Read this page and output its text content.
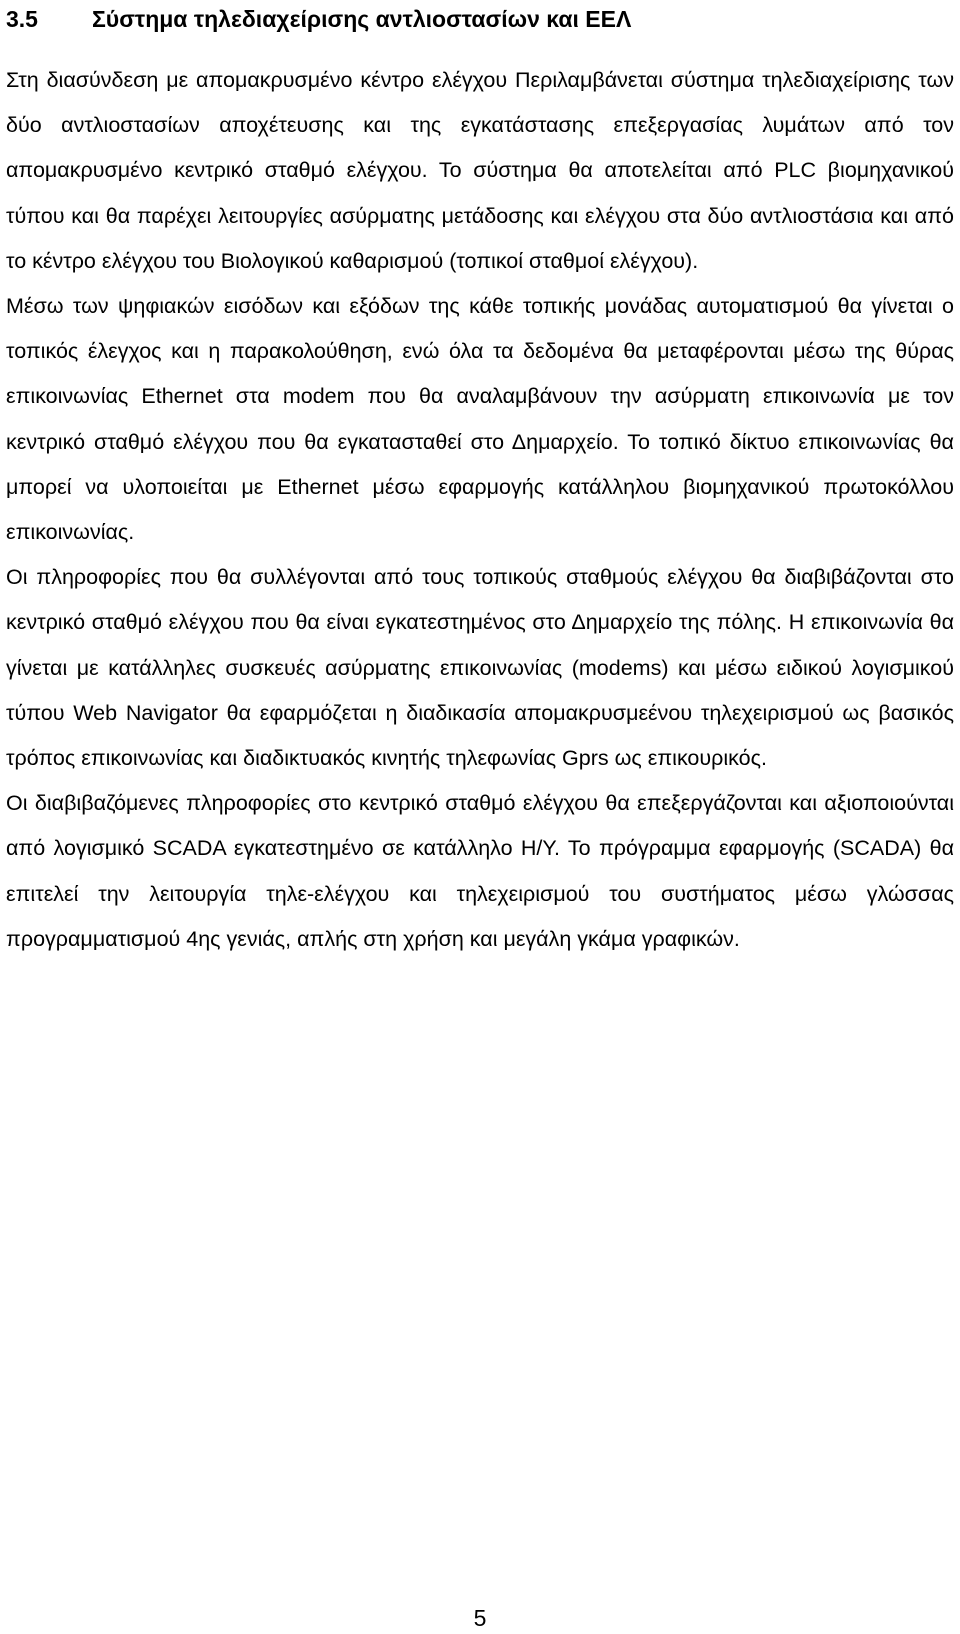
3.5 Σύστημα τηλεδιαχείρισης αντλιοστασίων και ΕΕΛ

Στη διασύνδεση με απομακρυσμένο κέντρο ελέγχου Περιλαμβάνεται σύστημα τηλεδιαχείρισης των δύο αντλιοστασίων αποχέτευσης και της εγκατάστασης επεξεργασίας λυμάτων από τον απομακρυσμένο κεντρικό σταθμό ελέγχου. Το σύστημα θα αποτελείται από PLC βιομηχανικού τύπου και θα παρέχει λειτουργίες ασύρματης μετάδοσης και ελέγχου στα δύο αντλιοστάσια και από το κέντρο ελέγχου του Βιολογικού καθαρισμού (τοπικοί σταθμοί ελέγχου).

Μέσω των ψηφιακών εισόδων και εξόδων της κάθε τοπικής μονάδας αυτοματισμού θα γίνεται ο τοπικός έλεγχος και η παρακολούθηση, ενώ όλα τα δεδομένα θα μεταφέρονται μέσω της θύρας επικοινωνίας Ethernet στα modem που θα αναλαμβάνουν την ασύρματη επικοινωνία με τον κεντρικό σταθμό ελέγχου που θα εγκατασταθεί στο Δημαρχείο. Το τοπικό δίκτυο επικοινωνίας θα μπορεί να υλοποιείται με Ethernet μέσω εφαρμογής κατάλληλου βιομηχανικού πρωτοκόλλου επικοινωνίας.

Οι πληροφορίες που θα συλλέγονται από τους τοπικούς σταθμούς ελέγχου θα διαβιβάζονται στο κεντρικό σταθμό ελέγχου που θα είναι εγκατεστημένος στο Δημαρχείο της πόλης. Η επικοινωνία θα γίνεται με κατάλληλες συσκευές ασύρματης επικοινωνίας (modems) και μέσω ειδικού λογισμικού τύπου Web Navigator θα εφαρμόζεται η διαδικασία απομακρυσμεένου τηλεχειρισμού ως βασικός τρόπος επικοινωνίας και διαδικτυακός κινητής τηλεφωνίας Gprs ως επικουρικός.

Οι διαβιβαζόμενες πληροφορίες στο κεντρικό σταθμό ελέγχου θα επεξεργάζονται και αξιοποιούνται από λογισμικό SCADA εγκατεστημένο σε κατάλληλο Η/Υ. Το πρόγραμμα εφαρμογής (SCADA) θα επιτελεί την λειτουργία τηλε-ελέγχου και τηλεχειρισμού του συστήματος μέσω γλώσσας προγραμματισμού 4ης γενιάς, απλής στη χρήση και μεγάλη γκάμα γραφικών.

5
